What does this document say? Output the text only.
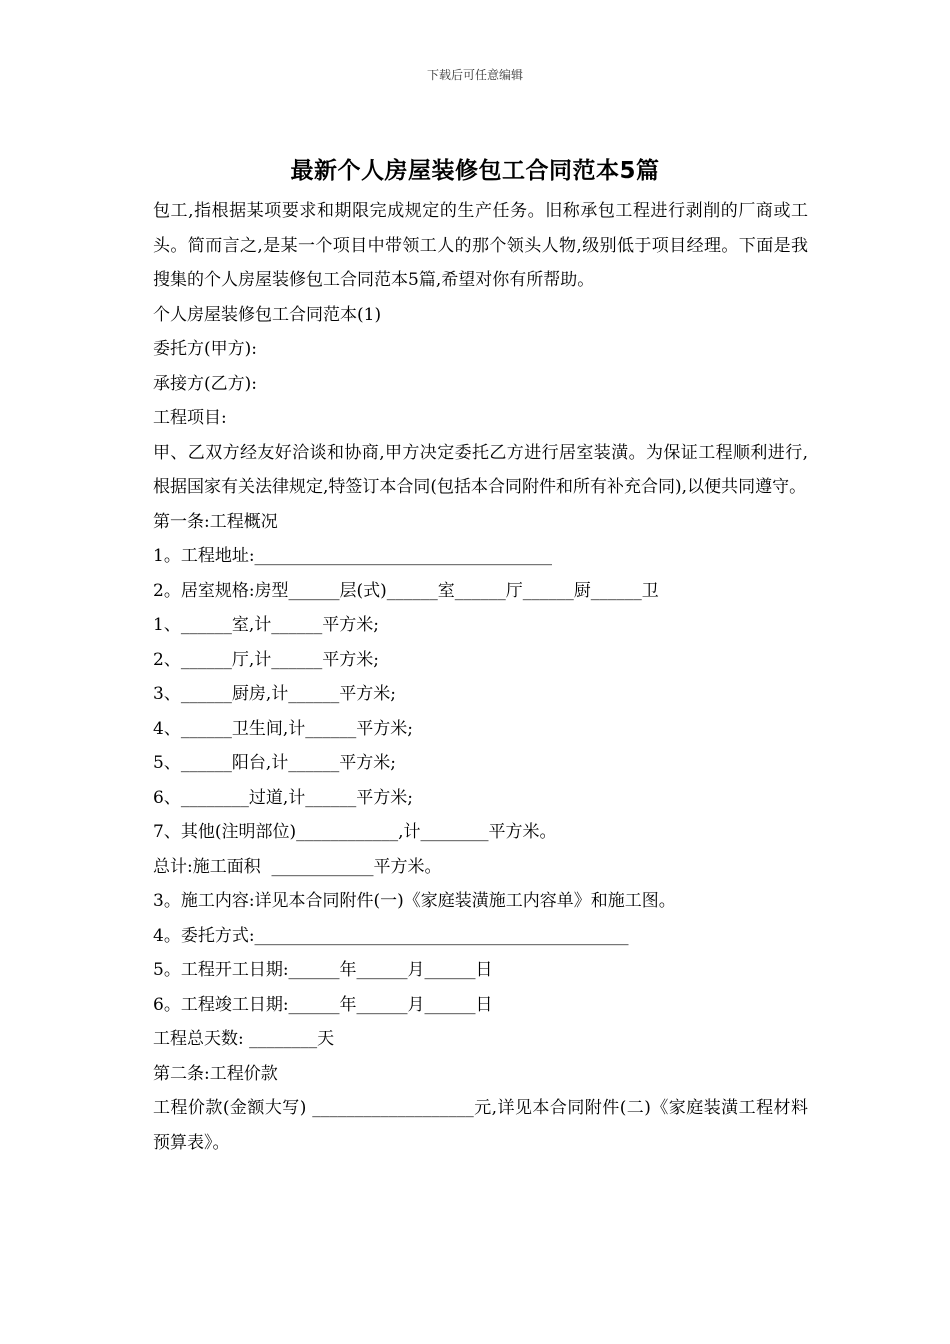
下载后可任意编辑
最新个人房屋装修包工合同范本5篇

包工,指根据某项要求和期限完成规定的生产任务。旧称承包工程进行剥削的厂商或工头。简而言之,是某一个项目中带领工人的那个领头人物,级别低于项目经理。下面是我搜集的个人房屋装修包工合同范本5篇,希望对你有所帮助。

个人房屋装修包工合同范本(1)

委托方(甲方):

承接方(乙方):

工程项目:

甲、乙双方经友好洽谈和协商,甲方决定委托乙方进行居室装潢。为保证工程顺利进行,根据国家有关法律规定,特签订本合同(包括本合同附件和所有补充合同),以便共同遵守。

第一条:工程概况

1。工程地址:___________________________________

2。居室规格:房型______层(式)______室______厅______厨______卫

1、______室,计______平方米;

2、______厅,计______平方米;

3、______厨房,计______平方米;

4、______卫生间,计______平方米;

5、______阳台,计______平方米;

6、________过道,计______平方米;

7、其他(注明部位)____________,计________平方米。

总计:施工面积  ____________平方米。

3。施工内容:详见本合同附件(一)《家庭装潢施工内容单》和施工图。

4。委托方式:____________________________________________

5。工程开工日期:______年______月______日

6。工程竣工日期:______年______月______日

工程总天数: ________天

第二条:工程价款

工程价款(金额大写) ___________________元,详见本合同附件(二)《家庭装潢工程材料预算表》。
